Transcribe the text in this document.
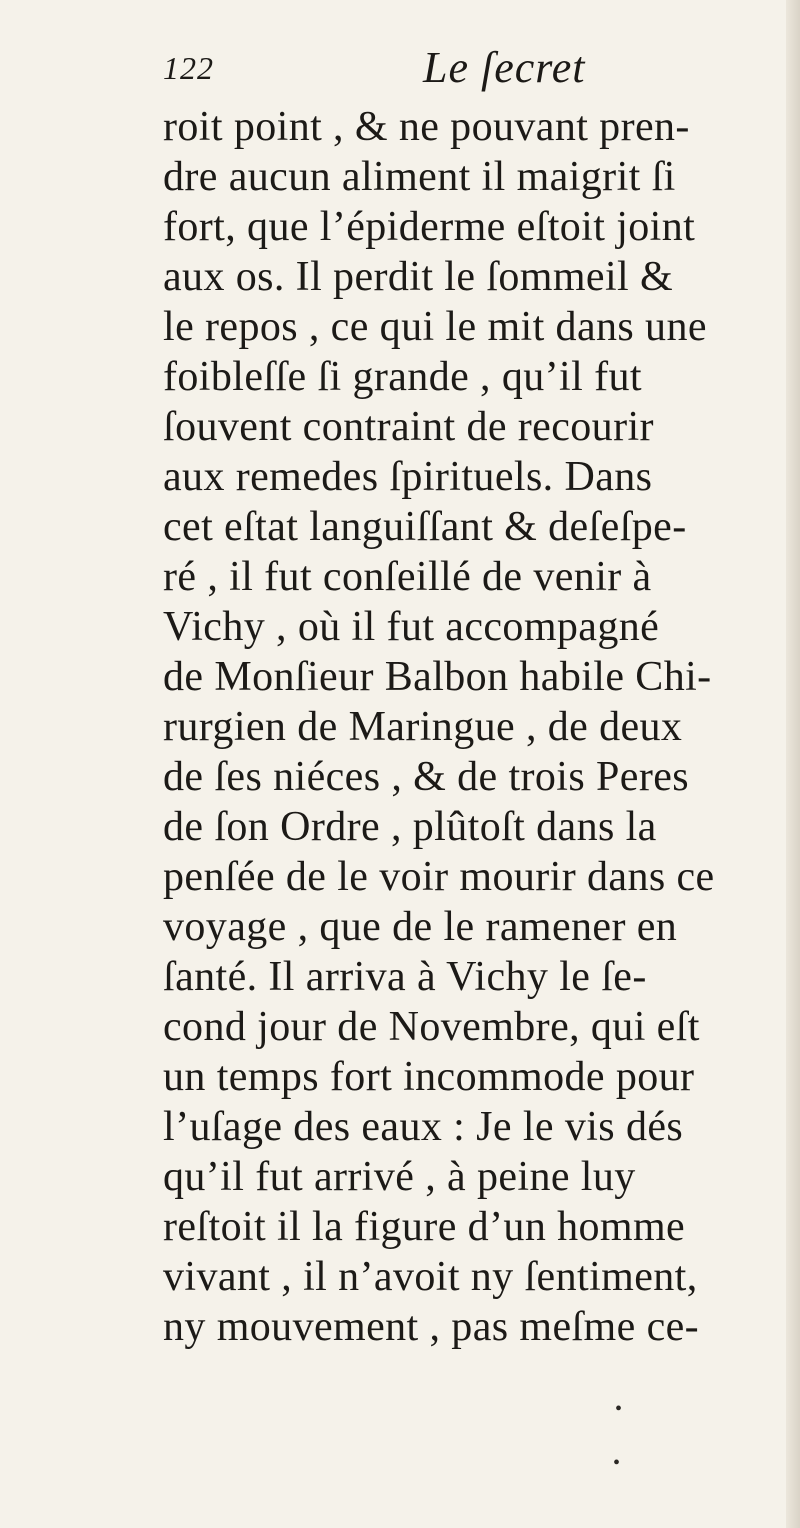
122	Le ſecret
roit point , & ne pouvant pren-
dre aucun aliment il maigrit ſi
fort, que l’épiderme eſtoit joint
aux os. Il perdit le ſommeil &
le repos , ce qui le mit dans une
foibleſſe ſi grande , qu’il fut
ſouvent contraint de recourir
aux remedes ſpirituels. Dans
cet eſtat languiſſant & deſeſpe-
ré , il fut conſeillé de venir à
Vichy , où il fut accompagné
de Monſieur Balbon habile Chi-
rurgien de Maringue , de deux
de ſes niéces , & de trois Peres
de ſon Ordre , plûtoſt dans la
penſée de le voir mourir dans ce
voyage , que de le ramener en
ſanté. Il arriva à Vichy le ſe-
cond jour de Novembre, qui eſt
un temps fort incommode pour
l’uſage des eaux : Je le vis dés
qu’il fut arrivé , à peine luy
reſtoit il la figure d’un homme
vivant , il n’avoit ny ſentiment,
ny mouvement , pas meſme ce-
•
•
